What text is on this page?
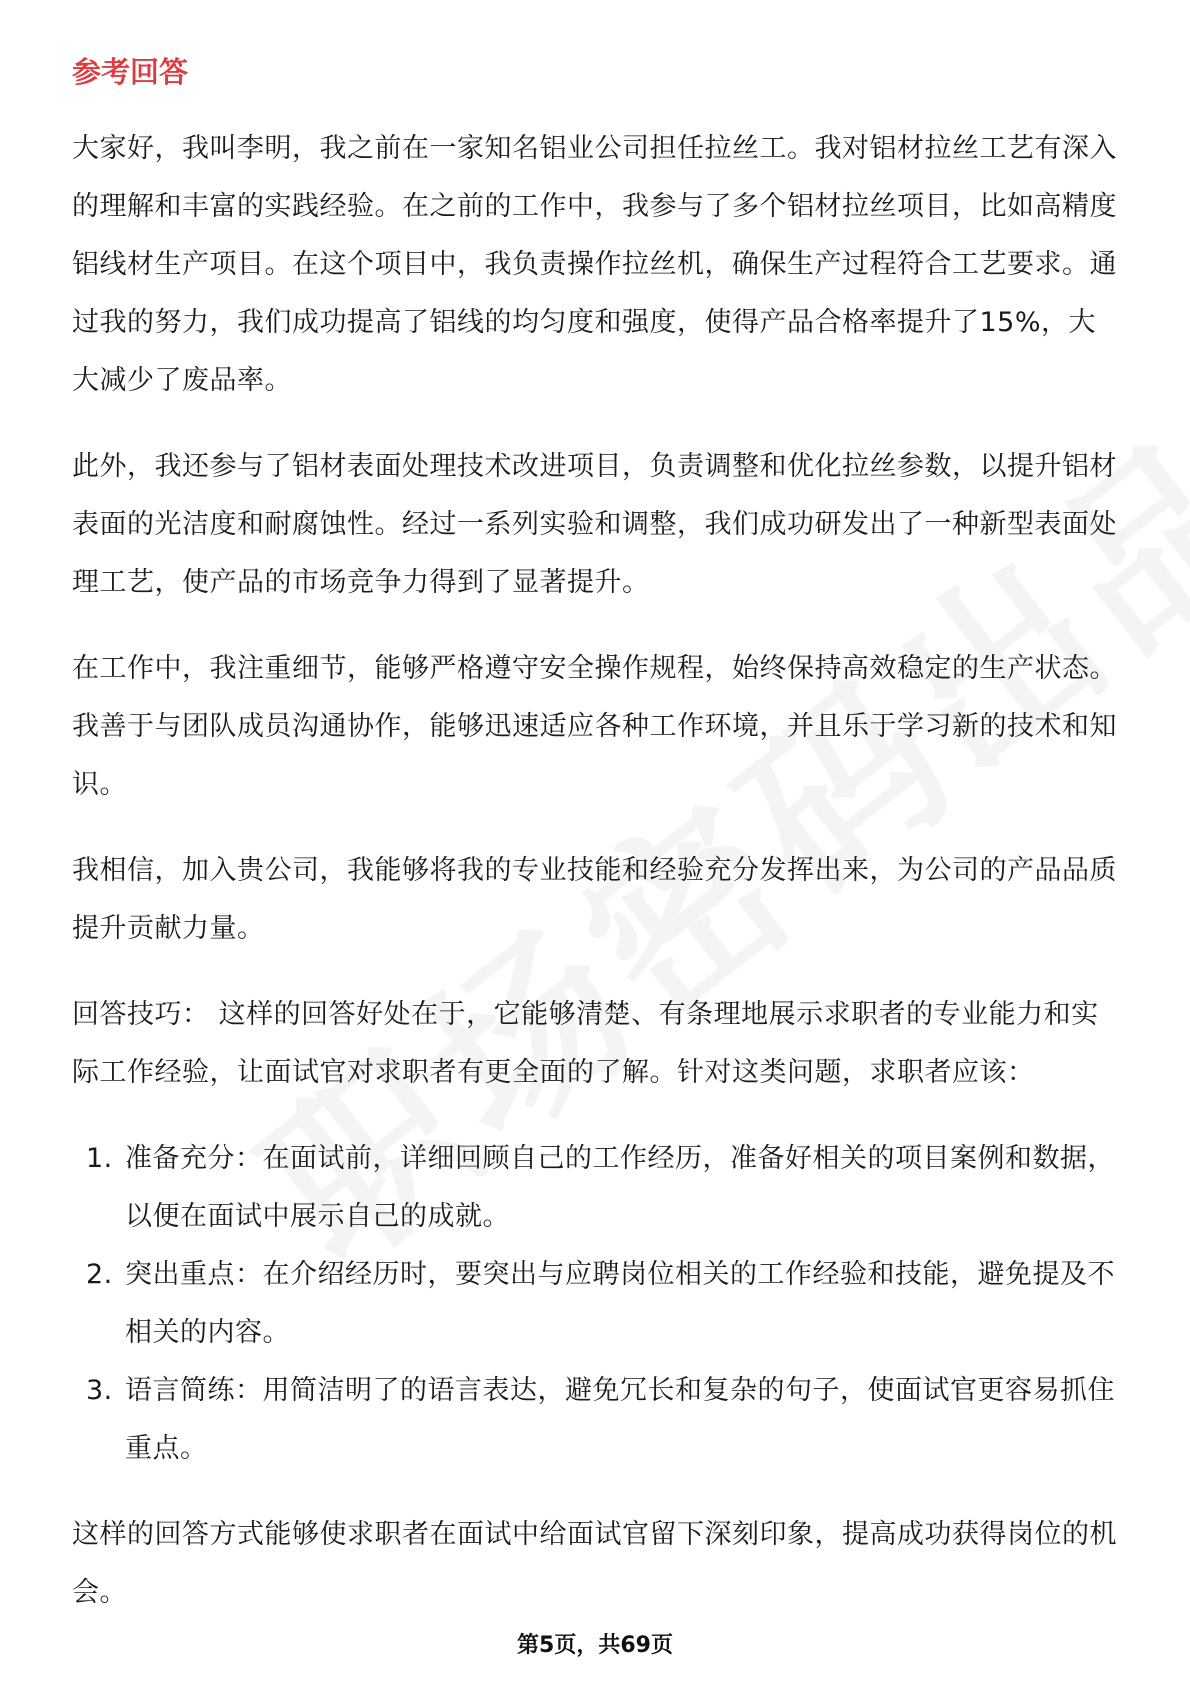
参考回答

大家好，我叫李明，我之前在一家知名铝业公司担任拉丝工。我对铝材拉丝工艺有深入的理解和丰富的实践经验。在之前的工作中，我参与了多个铝材拉丝项目，比如高精度铝线材生产项目。在这个项目中，我负责操作拉丝机，确保生产过程符合工艺要求。通过我的努力，我们成功提高了铝线的均匀度和强度，使得产品合格率提升了15%，大大减少了废品率。

此外，我还参与了铝材表面处理技术改进项目，负责调整和优化拉丝参数，以提升铝材表面的光洁度和耐腐蚀性。经过一系列实验和调整，我们成功研发出了一种新型表面处理工艺，使产品的市场竞争力得到了显著提升。

在工作中，我注重细节，能够严格遵守安全操作规程，始终保持高效稳定的生产状态。我善于与团队成员沟通协作，能够迅速适应各种工作环境，并且乐于学习新的技术和知识。

我相信，加入贵公司，我能够将我的专业技能和经验充分发挥出来，为公司的产品品质提升贡献力量。

回答技巧： 这样的回答好处在于，它能够清楚、有条理地展示求职者的专业能力和实际工作经验，让面试官对求职者有更全面的了解。针对这类问题，求职者应该：

1. 准备充分：在面试前，详细回顾自己的工作经历，准备好相关的项目案例和数据，以便在面试中展示自己的成就。
2. 突出重点：在介绍经历时，要突出与应聘岗位相关的工作经验和技能，避免提及不相关的内容。
3. 语言简练：用简洁明了的语言表达，避免冗长和复杂的句子，使面试官更容易抓住重点。

这样的回答方式能够使求职者在面试中给面试官留下深刻印象，提高成功获得岗位的机会。

第5页，共69页
